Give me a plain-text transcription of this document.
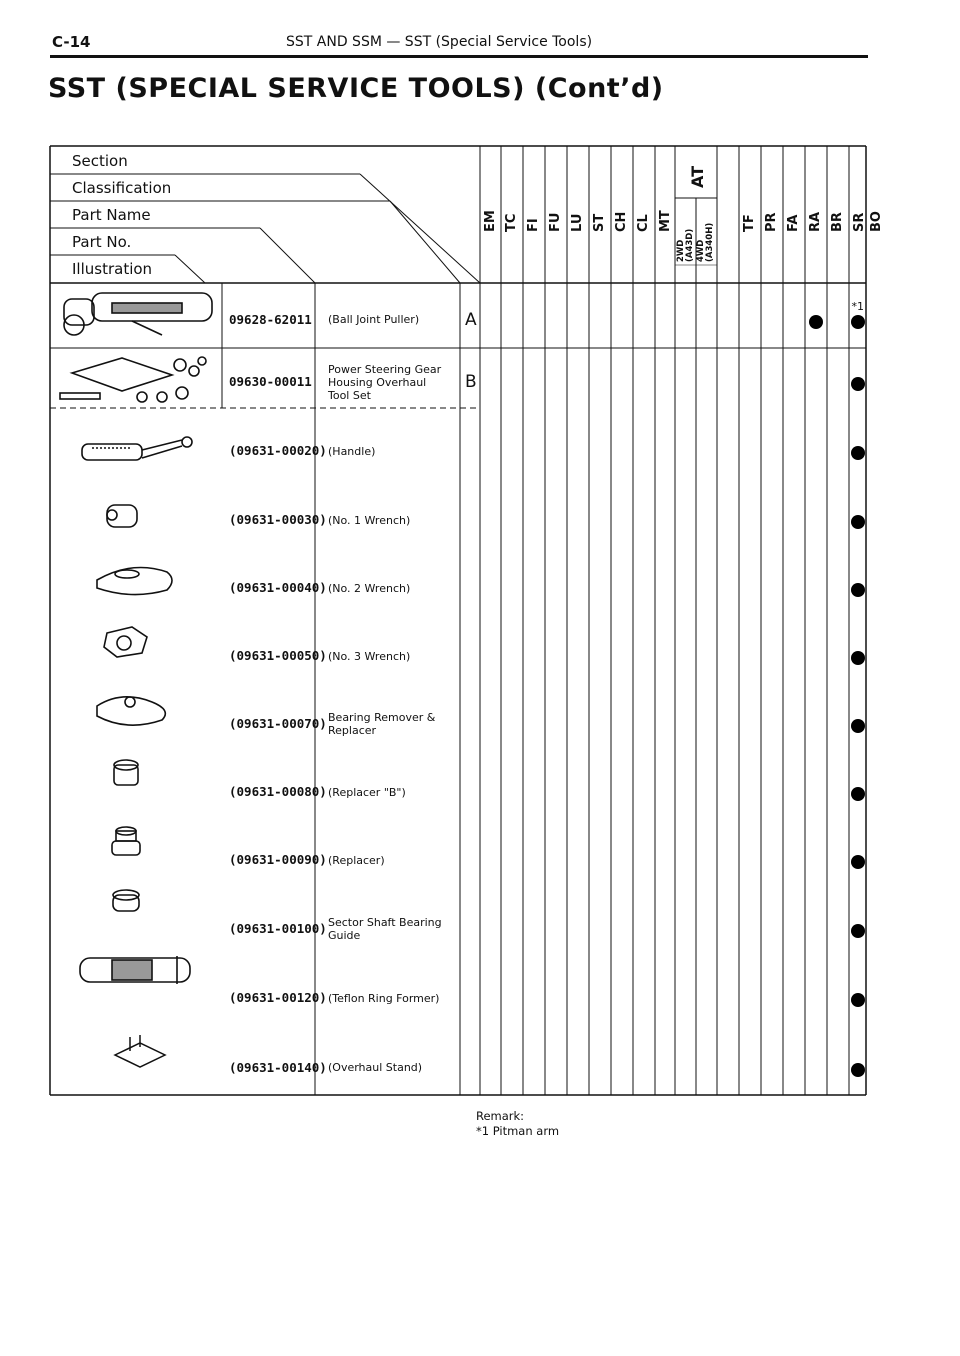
C-14	SST AND SSM — SST (Special Service Tools)
SST (SPECIAL SERVICE TOOLS) (Cont’d)
Section
Classification
Part Name
Part No.
Illustration
EM TC FI FU LU ST CH CL MT
AT
TF PR FA RA BR SR BO
2WD (A43D) 4WD (A340H)
09628-62011 (Ball Joint Puller)	A
*1
09630-00011
Power Steering Gear
Housing Overhaul
Tool Set
B
(09631-00020) (Handle)
(09631-00030) (No. 1 Wrench)
(09631-00040) (No. 2 Wrench)
(09631-00050) (No. 3 Wrench)
(09631-00070) Bearing Remover &
Replacer
(09631-00080) (Replacer "B")
(09631-00090) (Replacer)
(09631-00100) Sector Shaft Bearing
Guide
(09631-00120) (Teflon Ring Former)
(09631-00140) (Overhaul Stand)
Remark:
*1 Pitman arm
